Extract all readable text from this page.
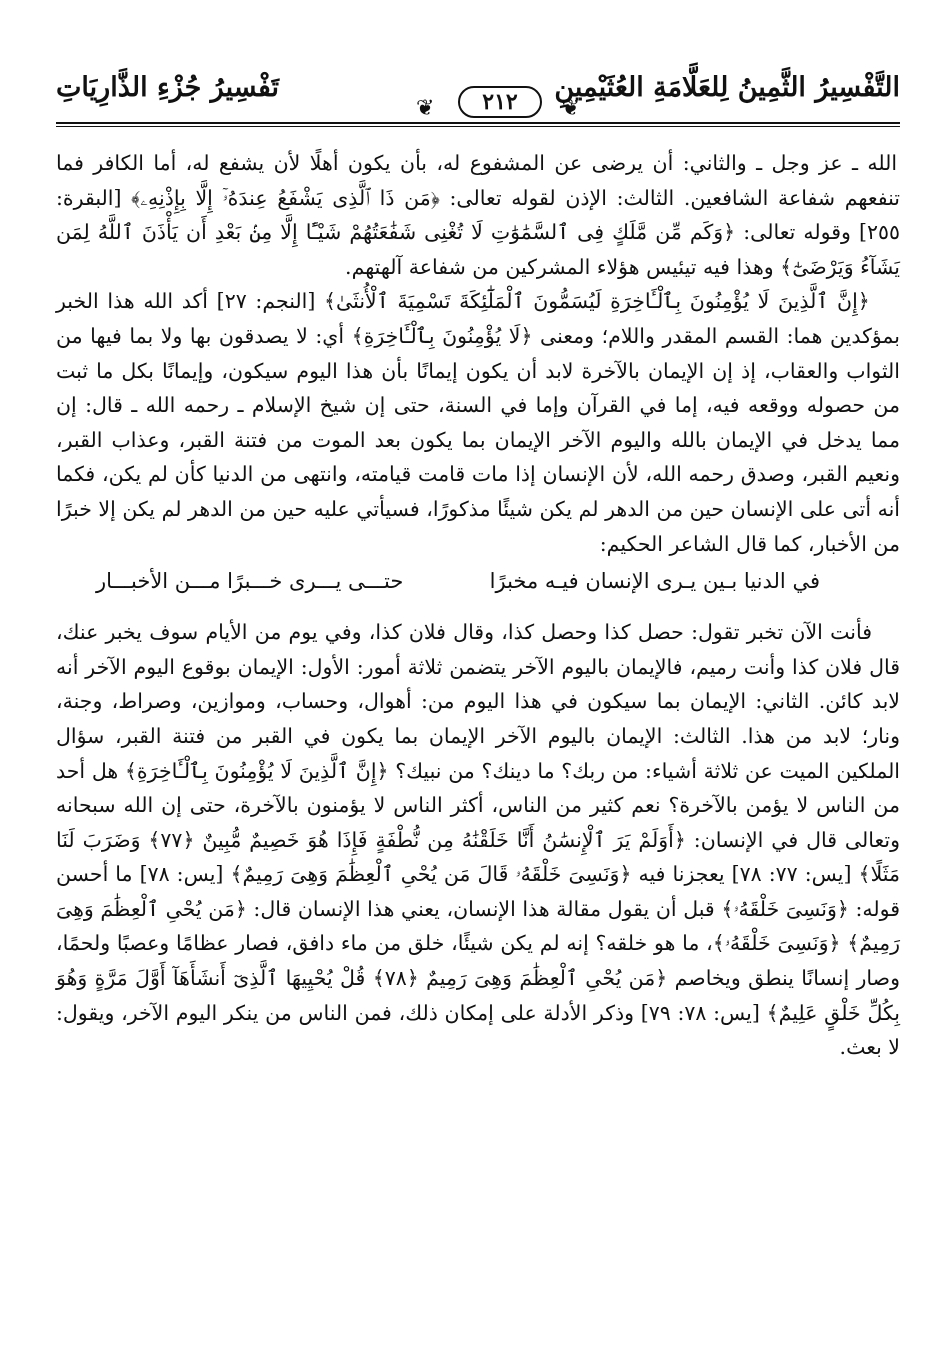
التَّفْسِيرُ الثَّمِينُ لِلعَلَّامَةِ العُثَيْمِينِ
❦
٢١٢
❦
تَفْسِيرُ جُزْءِ الذَّارِيَاتِ

الله ـ عز وجل ـ والثاني: أن يرضى عن المشفوع له، بأن يكون أهلًا لأن يشفع له، أما الكافر فما تنفعهم شفاعة الشافعين. الثالث: الإذن لقوله تعالى: ﴿مَن ذَا ٱلَّذِى يَشْفَعُ عِندَهُۥٓ إِلَّا بِإِذْنِهِۦ﴾ [البقرة: ٢٥٥] وقوله تعالى: ﴿وَكَم مِّن مَّلَكٍ فِى ٱلسَّمَٰوَٰتِ لَا تُغْنِى شَفَٰعَتُهُمْ شَيْـًٔا إِلَّا مِنۢ بَعْدِ أَن يَأْذَنَ ٱللَّهُ لِمَن يَشَآءُ وَيَرْضَىٰٓ﴾ وهذا فيه تيئيس هؤلاء المشركين من شفاعة آلهتهم.

﴿إِنَّ ٱلَّذِينَ لَا يُؤْمِنُونَ بِٱلْـَٔاخِرَةِ لَيُسَمُّونَ ٱلْمَلَٰٓئِكَةَ تَسْمِيَةَ ٱلْأُنثَىٰ﴾ [النجم: ٢٧] أكد الله هذا الخبر بمؤكدين هما: القسم المقدر واللام؛ ومعنى ﴿لَا يُؤْمِنُونَ بِٱلْـَٔاخِرَةِ﴾ أي: لا يصدقون بها ولا بما فيها من الثواب والعقاب، إذ إن الإيمان بالآخرة لابد أن يكون إيمانًا بأن هذا اليوم سيكون، وإيمانًا بكل ما ثبت من حصوله ووقعه فيه، إما في القرآن وإما في السنة، حتى إن شيخ الإسلام ـ رحمه الله ـ قال: إن مما يدخل في الإيمان بالله واليوم الآخر الإيمان بما يكون بعد الموت من فتنة القبر، وعذاب القبر، ونعيم القبر، وصدق رحمه الله، لأن الإنسان إذا مات قامت قيامته، وانتهى من الدنيا كأن لم يكن، فكما أنه أتى على الإنسان حين من الدهر لم يكن شيئًا مذكورًا، فسيأتي عليه حين من الدهر لم يكن إلا خبرًا من الأخبار، كما قال الشاعر الحكيم:

في الدنيا بـين يـرى الإنسان فيـه مخبرًا
حتـــى يـــرى خـــبرًا مـــن الأخبـــار

فأنت الآن تخبر تقول: حصل كذا وحصل كذا، وقال فلان كذا، وفي يوم من الأيام سوف يخبر عنك، قال فلان كذا وأنت رميم، فالإيمان باليوم الآخر يتضمن ثلاثة أمور: الأول: الإيمان بوقوع اليوم الآخر أنه لابد كائن. الثاني: الإيمان بما سيكون في هذا اليوم من: أهوال، وحساب، وموازين، وصراط، وجنة، ونار؛ لابد من هذا. الثالث: الإيمان باليوم الآخر الإيمان بما يكون في القبر من فتنة القبر، سؤال الملكين الميت عن ثلاثة أشياء: من ربك؟ ما دينك؟ من نبيك؟ ﴿إِنَّ ٱلَّذِينَ لَا يُؤْمِنُونَ بِٱلْـَٔاخِرَةِ﴾ هل أحد من الناس لا يؤمن بالآخرة؟ نعم كثير من الناس، أكثر الناس لا يؤمنون بالآخرة، حتى إن الله سبحانه وتعالى قال في الإنسان: ﴿أَوَلَمْ يَرَ ٱلْإِنسَٰنُ أَنَّا خَلَقْنَٰهُ مِن نُّطْفَةٍ فَإِذَا هُوَ خَصِيمٌ مُّبِينٌ ﴿٧٧﴾ وَضَرَبَ لَنَا مَثَلًا﴾ [يس: ٧٧: ٧٨] يعجزنا فيه ﴿وَنَسِىَ خَلْقَهُۥ قَالَ مَن يُحْىِ ٱلْعِظَٰمَ وَهِىَ رَمِيمٌ﴾ [يس: ٧٨] ما أحسن قوله: ﴿وَنَسِىَ خَلْقَهُۥ﴾ قبل أن يقول مقالة هذا الإنسان، يعني هذا الإنسان قال: ﴿مَن يُحْىِ ٱلْعِظَٰمَ وَهِىَ رَمِيمٌ﴾ ﴿وَنَسِىَ خَلْقَهُۥ﴾، ما هو خلقه؟ إنه لم يكن شيئًا، خلق من ماء دافق، فصار عظامًا وعصبًا ولحمًا، وصار إنسانًا ينطق ويخاصم ﴿مَن يُحْىِ ٱلْعِظَٰمَ وَهِىَ رَمِيمٌ ﴿٧٨﴾ قُلْ يُحْيِيهَا ٱلَّذِىٓ أَنشَأَهَآ أَوَّلَ مَرَّةٍ وَهُوَ بِكُلِّ خَلْقٍ عَلِيمٌ﴾ [يس: ٧٨: ٧٩] وذكر الأدلة على إمكان ذلك، فمن الناس من ينكر اليوم الآخر، ويقول: لا بعث.
